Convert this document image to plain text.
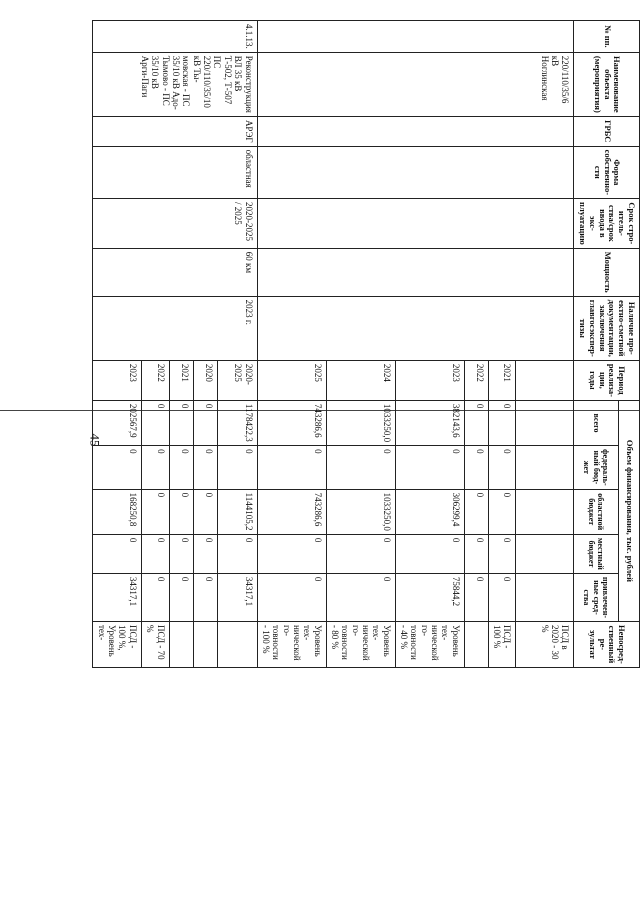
45
№ пп.	Наименование объекта (мероприятия)	ГРБС	Форма собственно-сти	Срок стро-итель-ства/срок ввода в экс-плуатацию	Мощность	Наличие про-ектно-сметной документации, заключения главгосэкспер-тизы	Период реализа-ции, годы	Объем финансирования, тыс. рублей					Непосред-ственный ре-зультат
								всего	федераль-ный бюд-жет	областной бюджет	местный бюджет	привлечен-ные сред-ства	
	220/110/35/6 кВ Ноглинская												ПСД в 2020 - 30 %
							2021	0	0	0	0	0	ПСД - 100 %
							2022	0	0	0	0	0	
							2023	382143,6	0	306299,4	0	75844,2	Уровень тех-нической го-товности - 40 %
							2024	1033250,0	0	1033250,0	0	0	Уровень тех-нической го-товности - 80 %
							2025	743286,6	0	743286,6	0	0	Уровень тех-нической го-товности - 100 %
4.1.13.	Реконструкция ВЛ 35 кВ Т-502, Т-507 ПС 220/110/35/10 кВ Ты-мовская - ПС 35/10 кВ Адо-Тымово - ПС 35/10 кВ Арги-Паги	АРЭГ	областная	2020-2025 / 2025	60 км	2023 г.	2020-2025	1178422,3	0	1144105,2	0	34317,1	
							2020	0	0	0	0	0	
							2021	0	0	0	0	0	
							2022	0	0	0	0	0	ПСД - 70 %
							2023	202567,9	0	168250,8	0	34317,1	ПСД - 100 %, Уровень тех-
